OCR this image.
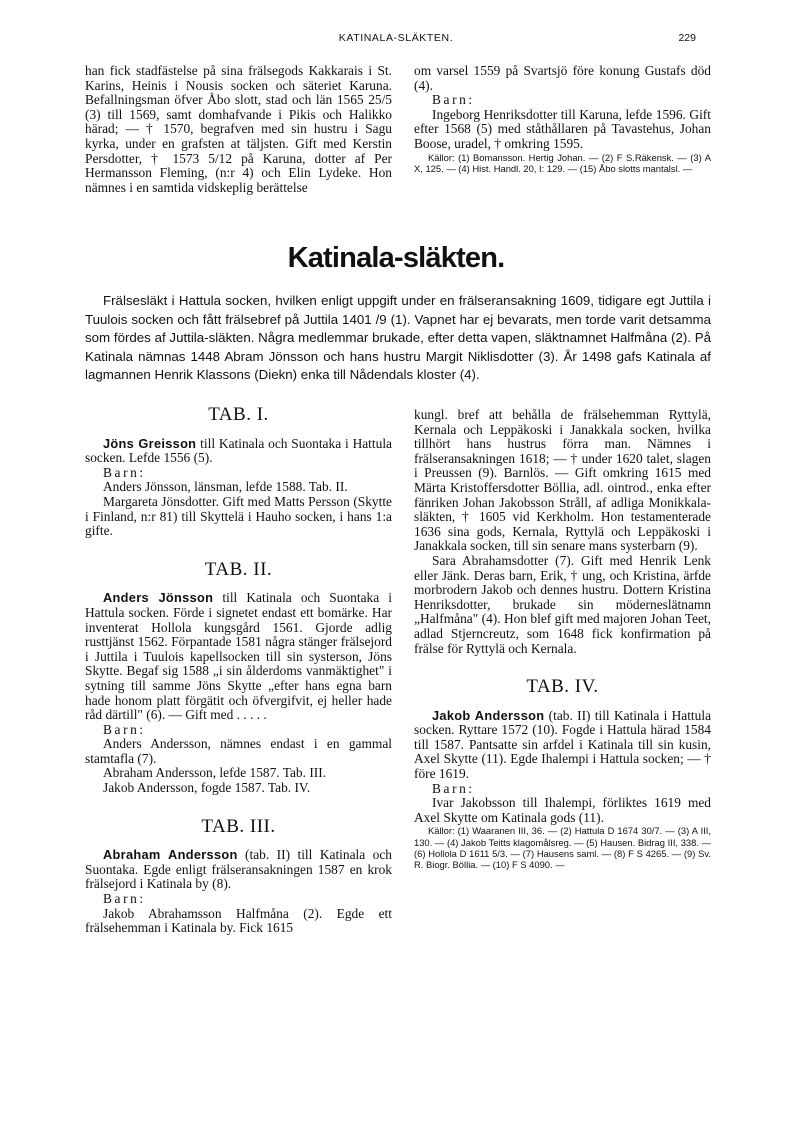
KATINALA-SLÄKTEN.	229

han fick stadfästelse på sina frälsegods Kakkarais i St. Karins, Heinis i Nousis socken och säteriet Karuna. Befallningsman öfver Åbo slott, stad och län 1565 25/5 (3) till 1569, samt domhafvande i Pikis och Halikko härad; — † 1570, begrafven med sin hustru i Sagu kyrka, under en grafsten at täljsten. Gift med Kerstin Persdotter, † 1573 5/12 på Karuna, dotter af Per Hermansson Fleming, (n:r 4) och Elin Lydeke. Hon nämnes i en samtida vidskeplig berättelse

om varsel 1559 på Svartsjö före konung Gustafs död (4).

Barn:

Ingeborg Henriksdotter till Karuna, lefde 1596. Gift efter 1568 (5) med ståthållaren på Tavastehus, Johan Boose, uradel, † omkring 1595.

Källor: (1) Bomansson. Hertig Johan. — (2) F S.Räkensk. — (3) A X, 125. — (4) Hist. Handl. 20, I: 129. — (15) Åbo slotts mantalsl. —

Katinala-släkten.

Frälsesläkt i Hattula socken, hvilken enligt uppgift under en frälseransakning 1609, tidigare egt Juttila i Tuulois socken och fått frälsebref på Juttila 1401 /9 (1). Vapnet har ej bevarats, men torde varit detsamma som fördes af Juttila-släkten. Några medlemmar brukade, efter detta vapen, släktnamnet Halfmåna (2). På Katinala nämnas 1448 Abram Jönsson och hans hustru Margit Niklisdotter (3). År 1498 gafs Katinala af lagmannen Henrik Klassons (Diekn) enka till Nådendals kloster (4).

TAB. I.

Jöns Greisson till Katinala och Suontaka i Hattula socken. Lefde 1556 (5).

Barn:

Anders Jönsson, länsman, lefde 1588. Tab. II.

Margareta Jönsdotter. Gift med Matts Persson (Skytte i Finland, n:r 81) till Skyttelä i Hauho socken, i hans 1:a gifte.

TAB. II.

Anders Jönsson till Katinala och Suontaka i Hattula socken. Förde i signetet endast ett bomärke. Har inventerat Hollola kungsgård 1561. Gjorde adlig rusttjänst 1562. Förpantade 1581 några stänger frälsejord i Juttila i Tuulois kapellsocken till sin systerson, Jöns Skytte. Begaf sig 1588 „i sin ålderdoms vanmäktighet" i sytning till samme Jöns Skytte „efter hans egna barn hade honom platt förgätit och öfvergifvit, ej heller hade råd därtill" (6). — Gift med . . . . .

Barn:

Anders Andersson, nämnes endast i en gammal stamtafla (7).

Abraham Andersson, lefde 1587. Tab. III.

Jakob Andersson, fogde 1587. Tab. IV.

TAB. III.

Abraham Andersson (tab. II) till Katinala och Suontaka. Egde enligt frälseransakningen 1587 en krok frälsejord i Katinala by (8).

Barn:

Jakob Abrahamsson Halfmåna (2). Egde ett frälsehemman i Katinala by. Fick 1615

kungl. bref att behålla de frälsehemman Ryttylä, Kernala och Leppäkoski i Janakkala socken, hvilka tillhört hans hustrus förra man. Nämnes i frälseransakningen 1618; — † under 1620 talet, slagen i Preussen (9). Barnlös. — Gift omkring 1615 med Märta Kristoffersdotter Böllia, adl. ointrod., enka efter fänriken Johan Jakobsson Stråll, af adliga Monikkala-släkten, † 1605 vid Kerkholm. Hon testamenterade 1636 sina gods, Kernala, Ryttylä och Leppäkoski i Janakkala socken, till sin senare mans systerbarn (9).

Sara Abrahamsdotter (7). Gift med Henrik Lenk eller Jänk. Deras barn, Erik, † ung, och Kristina, ärfde morbrodern Jakob och dennes hustru. Dottern Kristina Henriksdotter, brukade sin möderneslätnamn „Halfmåna" (4). Hon blef gift med majoren Johan Teet, adlad Stjerncreutz, som 1648 fick konfirmation på frälse för Ryttylä och Kernala.

TAB. IV.

Jakob Andersson (tab. II) till Katinala i Hattula socken. Ryttare 1572 (10). Fogde i Hattula härad 1584 till 1587. Pantsatte sin arfdel i Katinala till sin kusin, Axel Skytte (11). Egde Ihalempi i Hattula socken; — † före 1619.

Barn:

Ivar Jakobsson till Ihalempi, förliktes 1619 med Axel Skytte om Katinala gods (11).

Källor: (1) Waaranen III, 36. — (2) Hattula D 1674 30/7. — (3) A III, 130. — (4) Jakob Teitts klagomålsreg. — (5) Hausen. Bidrag III, 338. — (6) Hollola D 1611 5/3. — (7) Hausens saml. — (8) F S 4265. — (9) Sv. R. Biogr. Böllia. — (10) F S 4090. —
